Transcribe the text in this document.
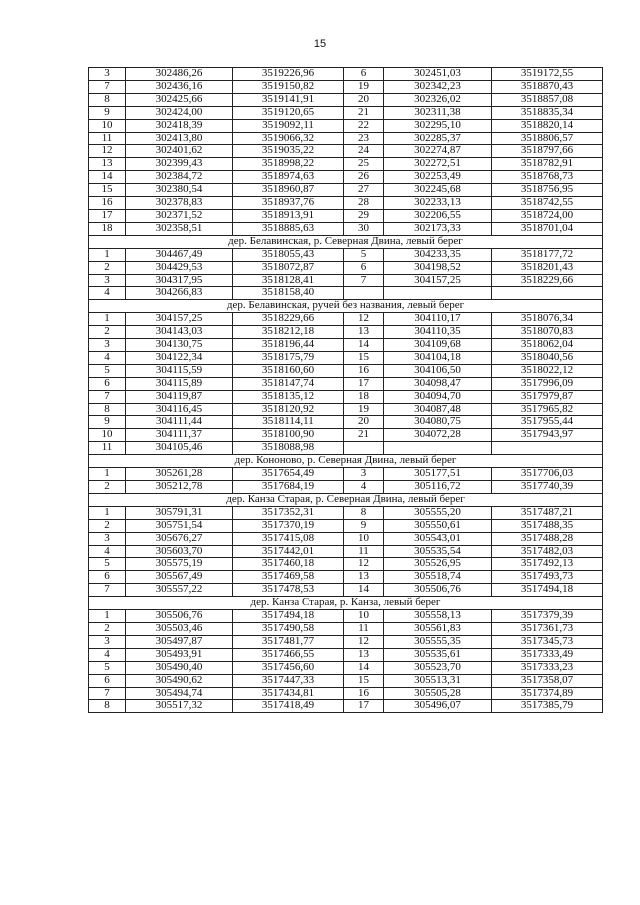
15
3	302486,26	3519226,96	6	302451,03	3519172,55
7	302436,16	3519150,82	19	302342,23	3518870,43
8	302425,66	3519141,91	20	302326,02	3518857,08
9	302424,00	3519120,65	21	302311,38	3518835,34
10	302418,39	3519092,11	22	302295,10	3518820,14
11	302413,80	3519066,32	23	302285,37	3518806,57
12	302401,62	3519035,22	24	302274,87	3518797,66
13	302399,43	3518998,22	25	302272,51	3518782,91
14	302384,72	3518974,63	26	302253,49	3518768,73
15	302380,54	3518960,87	27	302245,68	3518756,95
16	302378,83	3518937,76	28	302233,13	3518742,55
17	302371,52	3518913,91	29	302206,55	3518724,00
18	302358,51	3518885,63	30	302173,33	3518701,04
дер. Белавинская, р. Северная Двина, левый берег					
1	304467,49	3518055,43	5	304233,35	3518177,72
2	304429,53	3518072,87	6	304198,52	3518201,43
3	304317,95	3518128,41	7	304157,25	3518229,66
4	304266,83	3518158,40			
дер. Белавинская, ручей без названия, левый берег					
1	304157,25	3518229,66	12	304110,17	3518076,34
2	304143,03	3518212,18	13	304110,35	3518070,83
3	304130,75	3518196,44	14	304109,68	3518062,04
4	304122,34	3518175,79	15	304104,18	3518040,56
5	304115,59	3518160,60	16	304106,50	3518022,12
6	304115,89	3518147,74	17	304098,47	3517996,09
7	304119,87	3518135,12	18	304094,70	3517979,87
8	304116,45	3518120,92	19	304087,48	3517965,82
9	304111,44	3518114,11	20	304080,75	3517955,44
10	304111,37	3518100,90	21	304072,28	3517943,97
11	304105,46	3518088,98			
дер. Кононово, р. Северная Двина, левый берег					
1	305261,28	3517654,49	3	305177,51	3517706,03
2	305212,78	3517684,19	4	305116,72	3517740,39
дер. Канза Старая, р. Северная Двина, левый берег					
1	305791,31	3517352,31	8	305555,20	3517487,21
2	305751,54	3517370,19	9	305550,61	3517488,35
3	305676,27	3517415,08	10	305543,01	3517488,28
4	305603,70	3517442,01	11	305535,54	3517482,03
5	305575,19	3517460,18	12	305526,95	3517492,13
6	305567,49	3517469,58	13	305518,74	3517493,73
7	305557,22	3517478,53	14	305506,76	3517494,18
дер. Канза Старая, р. Канза, левый берег					
1	305506,76	3517494,18	10	305558,13	3517379,39
2	305503,46	3517490,58	11	305561,83	3517361,73
3	305497,87	3517481,77	12	305555,35	3517345,73
4	305493,91	3517466,55	13	305535,61	3517333,49
5	305490,40	3517456,60	14	305523,70	3517333,23
6	305490,62	3517447,33	15	305513,31	3517358,07
7	305494,74	3517434,81	16	305505,28	3517374,89
8	305517,32	3517418,49	17	305496,07	3517385,79
